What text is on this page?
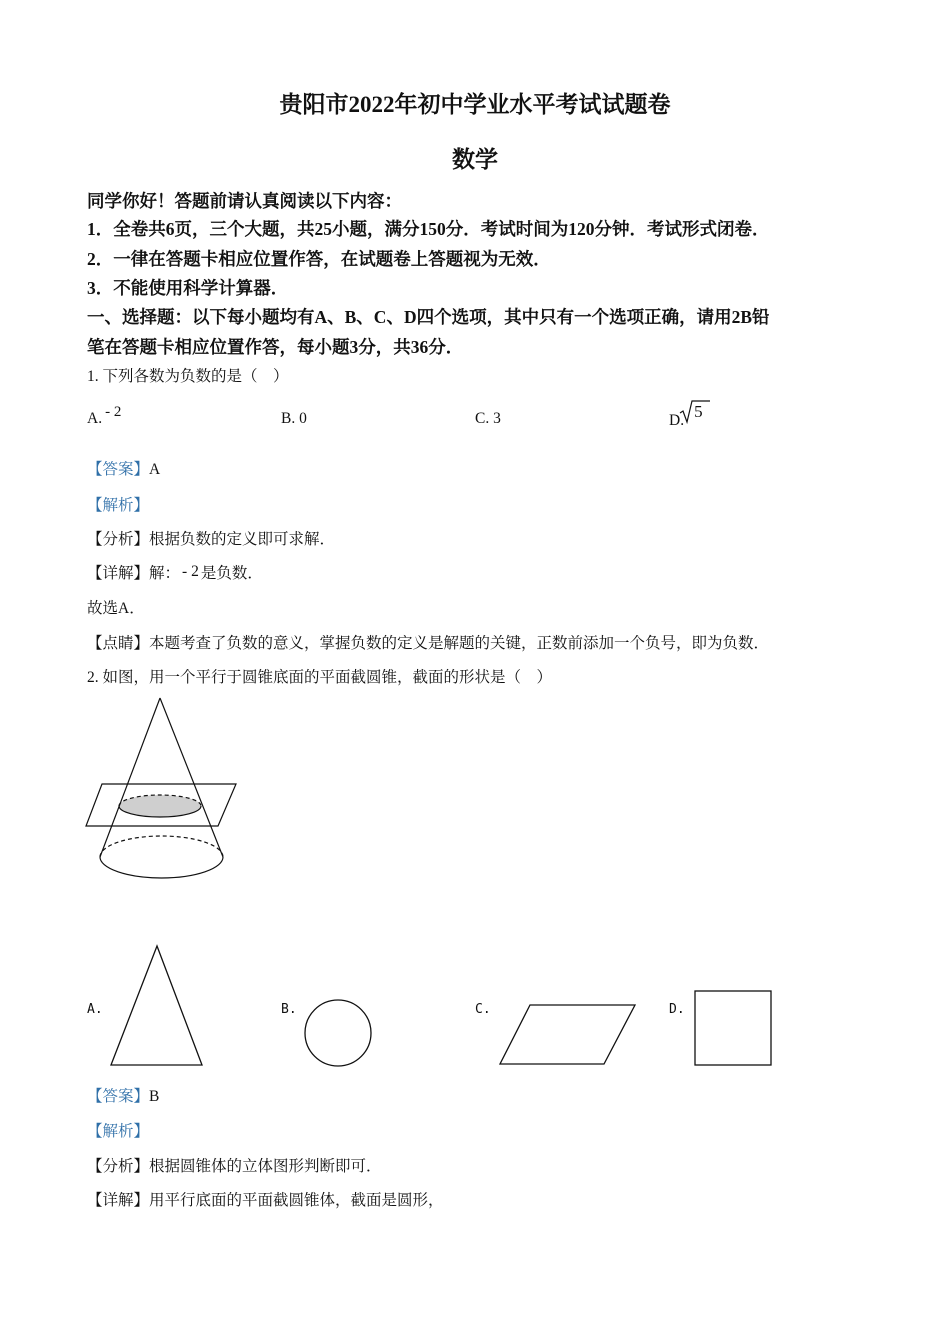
贵阳市2022年初中学业水平考试试题卷
数学
同学你好！答题前请认真阅读以下内容：
1．全卷共6页，三个大题，共25小题，满分150分．考试时间为120分钟．考试形式闭卷．
2．一律在答题卡相应位置作答，在试题卷上答题视为无效．
3．不能使用科学计算器．
一、选择题：以下每小题均有A、B、C、D四个选项，其中只有一个选项正确，请用2B铅
笔在答题卡相应位置作答，每小题3分，共36分．
1. 下列各数为负数的是（　）
A. - 2	B. 0	C. 3	D. 5
【答案】A
【解析】
【分析】根据负数的定义即可求解．
【详解】解： - 2 是负数．
故选A．
【点睛】本题考查了负数的意义，掌握负数的定义是解题的关键，正数前添加一个负号，即为负数．
2. 如图，用一个平行于圆锥底面的平面截圆锥，截面的形状是（　）
A.	B.	C.	D.
【答案】B
【解析】
【分析】根据圆锥体的立体图形判断即可．
【详解】用平行底面的平面截圆锥体，截面是圆形，
